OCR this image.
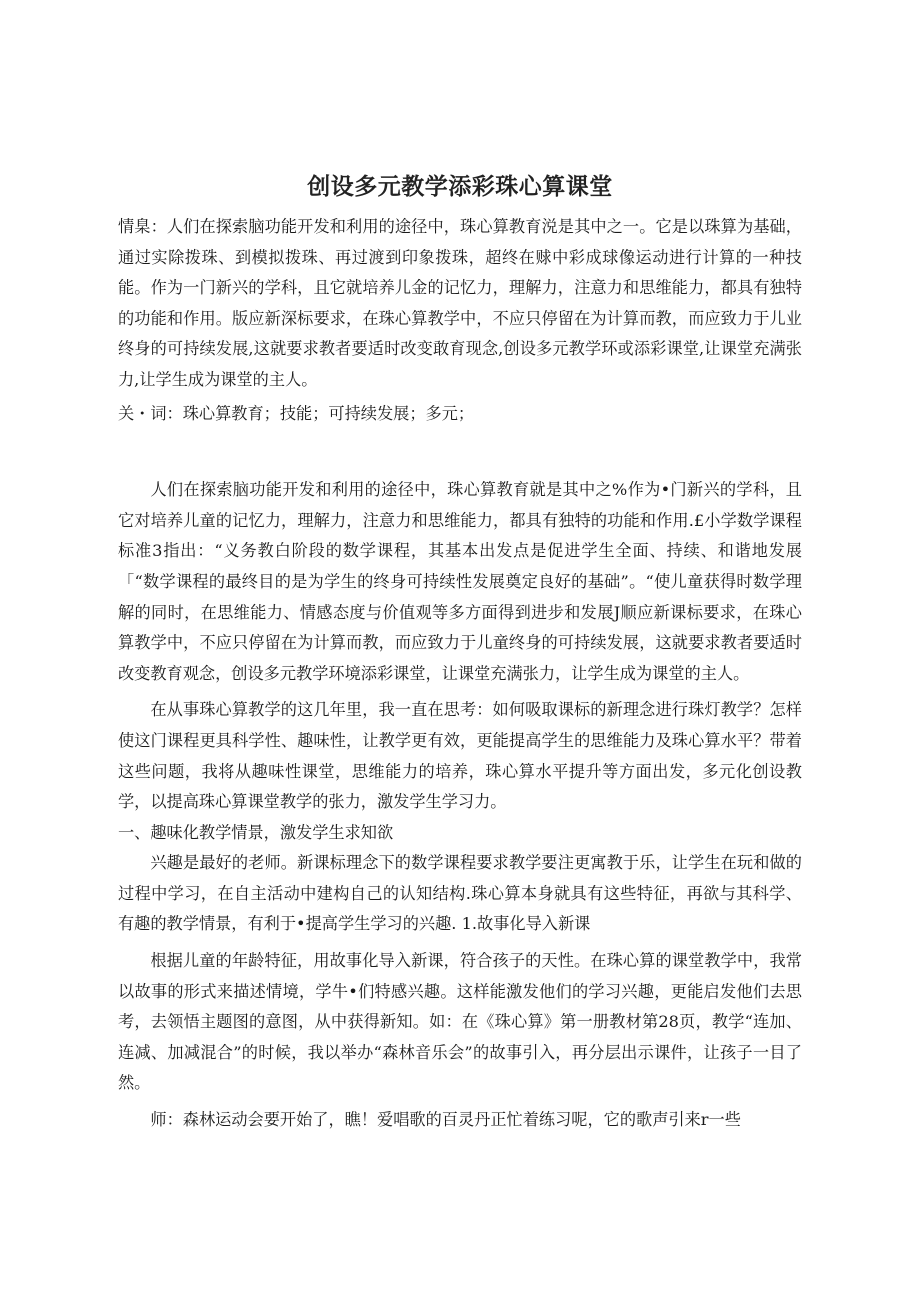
创设多元教学添彩珠心算课堂

情臬：人们在探索脑功能开发和利用的途径中，珠心算教育涚是其中之一。它是以珠算为基础，通过实除拨珠、到模拟拨珠、再过渡到印象拨珠，超终在赇中彩成球像运动进行计算的一种技能。作为一门新兴的学科，且它就培养儿金的记忆力，理解力，注意力和思维能力，都具有独特的功能和作用。版应新深标要求，在珠心算教学中，不应只停留在为计算而教，而应致力于儿业终身的可持续发展,这就要求教者要适时改变敢育现念,创设多元教学环或添彩课堂,让课堂充满张力,让学生成为课堂的主人。

关・词：珠心算教育；技能；可持续发展；多元；

人们在探索脑功能开发和利用的途径中，珠心算教育就是其中之%作为•门新兴的学科，且它对培养儿童的记忆力，理解力，注意力和思维能力，都具有独特的功能和作用.£小学数学课程标准3指出：“义务教白阶段的数学课程，其基本出发点是促进学生全面、持续、和谐地发展「“数学课程的最终目的是为学生的终身可持续性发展奠定良好的基础”。“使儿童获得时数学理解的同时，在思维能力、情感态度与价值观等多方面得到进步和发展J顺应新课标要求，在珠心算教学中，不应只停留在为计算而教，而应致力于儿童终身的可持续发展，这就要求教者要适时改变教育观念，创设多元教学环境添彩课堂，让课堂充满张力，让学生成为课堂的主人。

在从事珠心算教学的这几年里，我一直在思考：如何吸取课标的新理念进行珠灯教学？怎样使这门课程更具科学性、趣味性，让教学更有效，更能提高学生的思维能力及珠心算水平？带着这些问题，我将从趣味性课堂，思维能力的培养，珠心算水平提升等方面出发，多元化创设教学，以提高珠心算课堂教学的张力，激发学生学习力。

一、趣味化教学情景，激发学生求知欲

兴趣是最好的老师。新课标理念下的数学课程要求教学要注更寓教于乐，让学生在玩和做的过程中学习，在自主活动中建构自己的认知结构.珠心算本身就具有这些特征，再欲与其科学、有趣的教学情景，有利于•提高学生学习的兴趣. 1.故事化导入新课

根据儿童的年龄特征，用故事化导入新课，符合孩子的天性。在珠心算的课堂教学中，我常以故事的形式来描述情境，学牛•们特感兴趣。这样能激发他们的学习兴趣，更能启发他们去思考，去领悟主题图的意图，从中获得新知。如：在《珠心算》第一册教材第28页，教学“连加、连减、加减混合”的时候，我以举办“森林音乐会”的故事引入，再分层出示课件，让孩子一目了然。

师：森林运动会要开始了，瞧！爱唱歌的百灵丹正忙着练习呢，它的歌声引来r一些
